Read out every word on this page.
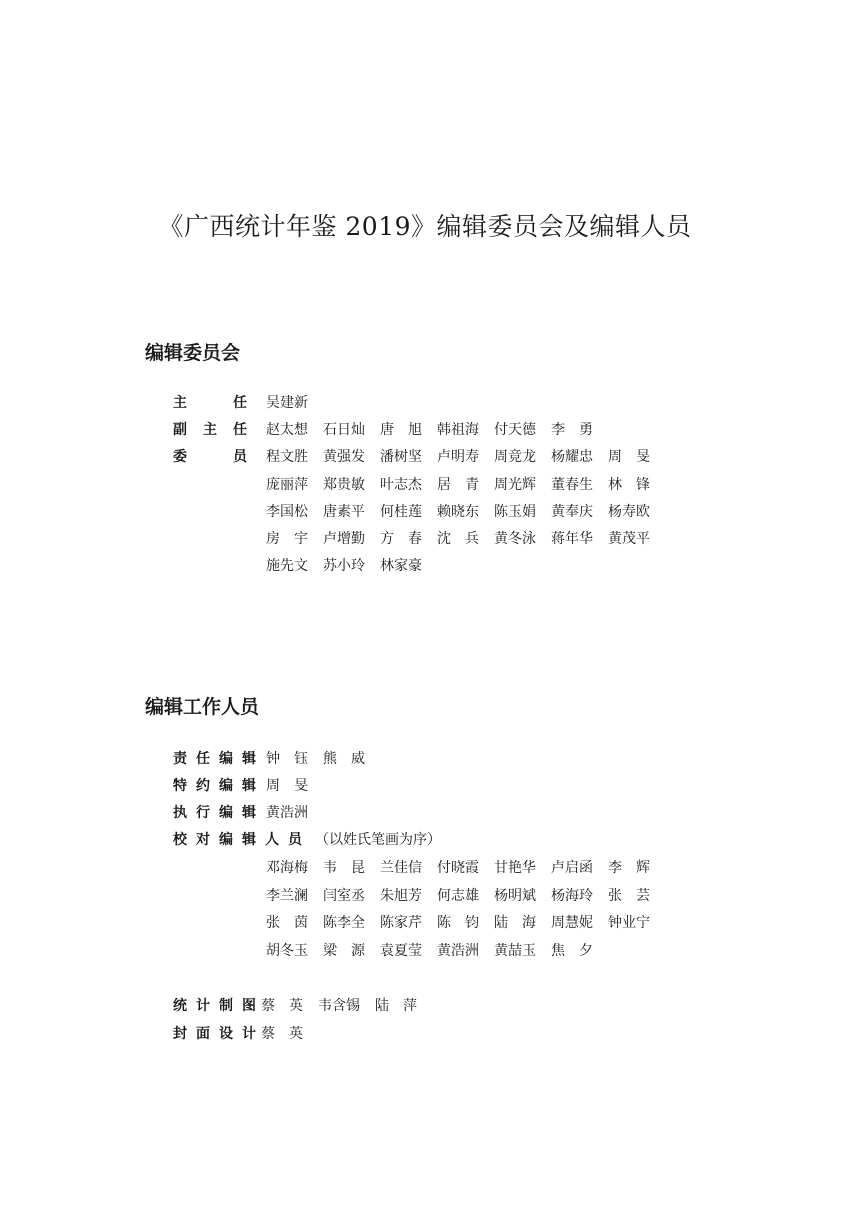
《广西统计年鉴 2019》编辑委员会及编辑人员
编辑委员会
主	任 吴建新
副 主 任 赵太想 石日灿 唐　旭 韩祖海 付天德 李　勇
委	员 程文胜 黄强发 潘树坚 卢明寿 周竞龙 杨耀忠 周　旻
庞丽萍 郑贵敏 叶志杰 居　青 周光辉 董春生 林　锋
李国松 唐素平 何桂莲 赖晓东 陈玉娟 黄奉庆 杨寿欧
房　宇 卢增勤 方　春 沈　兵 黄冬泳 蒋年华 黄茂平
施先文 苏小玲 林家豪
编辑工作人员
责 任 编 辑 钟　钰 熊　威
特 约 编 辑 周　旻
执 行 编 辑 黄浩洲
校 对 编 辑 人 员 （以姓氏笔画为序）
邓海梅 韦　昆 兰佳信 付晓霞 甘艳华 卢启函 李　辉
李兰澜 闫室丞 朱旭芳 何志雄 杨明斌 杨海玲 张　芸
张　茵 陈李全 陈家芹 陈　钧 陆　海 周慧妮 钟业宁
胡冬玉 梁　源 袁夏莹 黄浩洲 黄喆玉 焦　夕
统 计 制 图 蔡　英 韦含锡 陆　萍
封 面 设 计 蔡　英
